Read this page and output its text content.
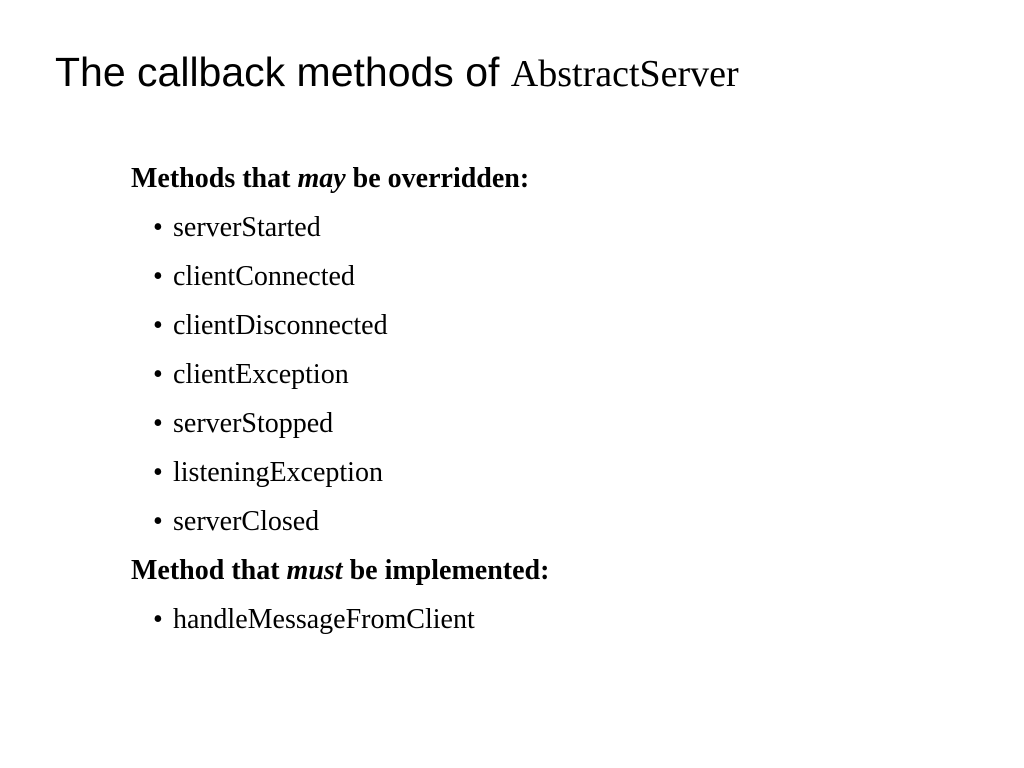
The callback methods of AbstractServer
Methods that may be overridden:
• serverStarted
• clientConnected
• clientDisconnected
• clientException
• serverStopped
• listeningException
• serverClosed
Method that must be implemented:
• handleMessageFromClient
